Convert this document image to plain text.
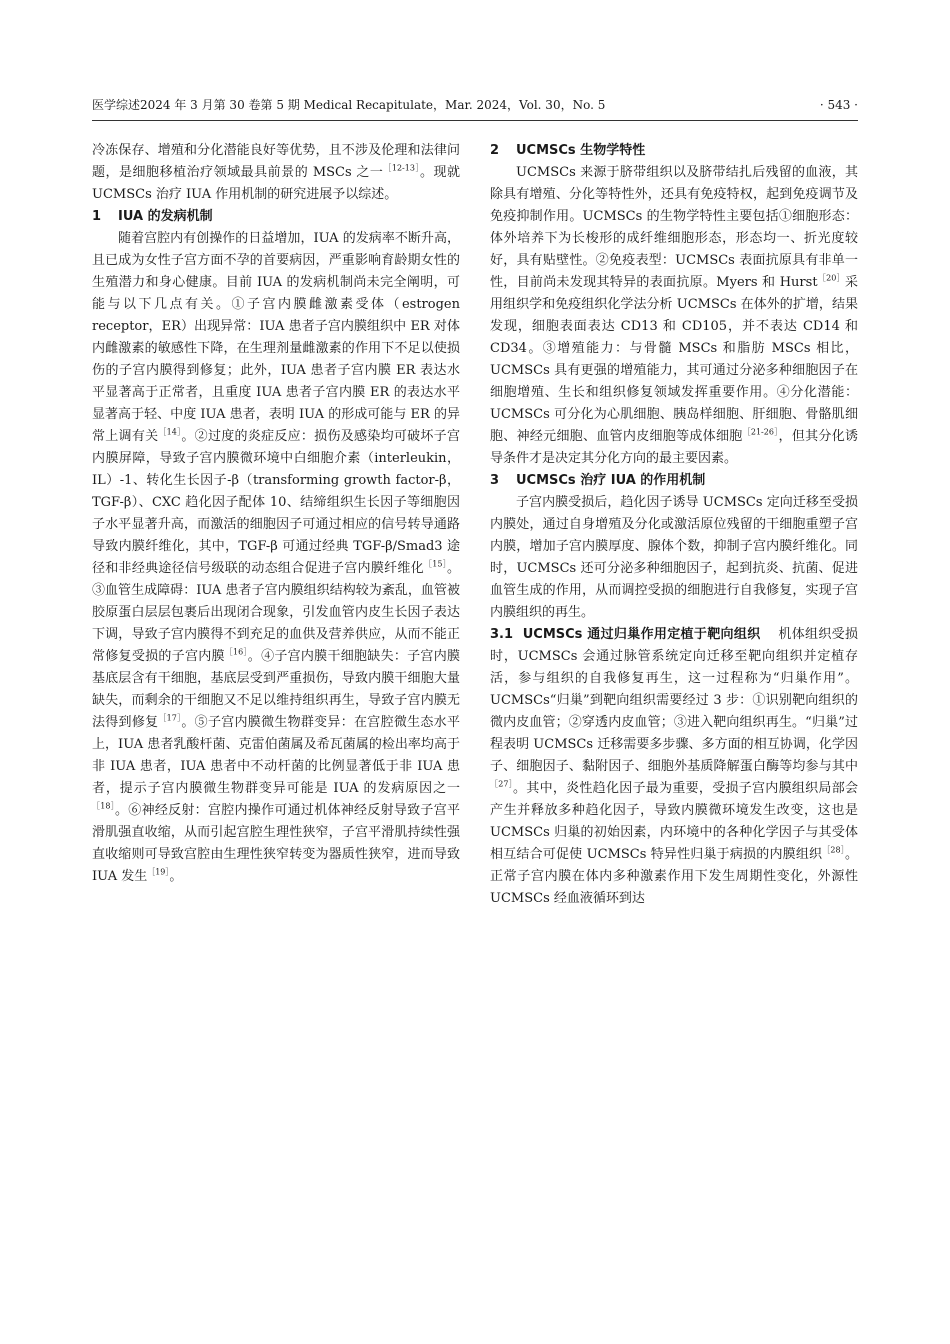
医学综述2024 年 3 月第 30 卷第 5 期 Medical Recapitulate，Mar. 2024，Vol. 30，No. 5	· 543 ·

冷冻保存、增殖和分化潜能良好等优势，且不涉及伦理和法律问题，是细胞移植治疗领域最具前景的 MSCs 之一$^{[12-13]}$。现就 UCMSCs 治疗 IUA 作用机制的研究进展予以综述。

1 IUA 的发病机制

随着宫腔内有创操作的日益增加，IUA 的发病率不断升高，且已成为女性子宫方面不孕的首要病因，严重影响育龄期女性的生殖潜力和身心健康。目前 IUA 的发病机制尚未完全阐明，可能与以下几点有关。①子宫内膜雌激素受体（estrogen receptor，ER）出现异常：IUA 患者子宫内膜组织中 ER 对体内雌激素的敏感性下降，在生理剂量雌激素的作用下不足以使损伤的子宫内膜得到修复；此外，IUA 患者子宫内膜 ER 表达水平显著高于正常者，且重度 IUA 患者子宫内膜 ER 的表达水平显著高于轻、中度 IUA 患者，表明 IUA 的形成可能与 ER 的异常上调有关$^{[14]}$。②过度的炎症反应：损伤及感染均可破坏子宫内膜屏障，导致子宫内膜微环境中白细胞介素（interleukin，IL）-1、转化生长因子-β（transforming growth factor-β，TGF-β）、CXC 趋化因子配体 10、结缔组织生长因子等细胞因子水平显著升高，而激活的细胞因子可通过相应的信号转导通路导致内膜纤维化，其中，TGF-β 可通过经典 TGF-β/Smad3 途径和非经典途径信号级联的动态组合促进子宫内膜纤维化$^{[15]}$。③血管生成障碍：IUA 患者子宫内膜组织结构较为紊乱，血管被胶原蛋白层层包裹后出现闭合现象，引发血管内皮生长因子表达下调，导致子宫内膜得不到充足的血供及营养供应，从而不能正常修复受损的子宫内膜$^{[16]}$。④子宫内膜干细胞缺失：子宫内膜基底层含有干细胞，基底层受到严重损伤，导致内膜干细胞大量缺失，而剩余的干细胞又不足以维持组织再生，导致子宫内膜无法得到修复$^{[17]}$。⑤子宫内膜微生物群变异：在宫腔微生态水平上，IUA 患者乳酸杆菌、克雷伯菌属及希瓦菌属的检出率均高于非 IUA 患者，IUA 患者中不动杆菌的比例显著低于非 IUA 患者，提示子宫内膜微生物群变异可能是 IUA 的发病原因之一$^{[18]}$。⑥神经反射：宫腔内操作可通过机体神经反射导致子宫平滑肌强直收缩，从而引起宫腔生理性狭窄，子宫平滑肌持续性强直收缩则可导致宫腔由生理性狭窄转变为器质性狭窄，进而导致 IUA 发生$^{[19]}$。

2 UCMSCs 生物学特性

UCMSCs 来源于脐带组织以及脐带结扎后残留的血液，其除具有增殖、分化等特性外，还具有免疫特权，起到免疫调节及免疫抑制作用。UCMSCs 的生物学特性主要包括①细胞形态：体外培养下为长梭形的成纤维细胞形态，形态均一、折光度较好，具有贴壁性。②免疫表型：UCMSCs 表面抗原具有非单一性，目前尚未发现其特异的表面抗原。Myers 和 Hurst$^{[20]}$采用组织学和免疫组织化学法分析 UCMSCs 在体外的扩增，结果发现，细胞表面表达 CD13 和 CD105，并不表达 CD14 和 CD34。③增殖能力：与骨髓 MSCs 和脂肪 MSCs 相比，UCMSCs 具有更强的增殖能力，其可通过分泌多种细胞因子在细胞增殖、生长和组织修复领域发挥重要作用。④分化潜能：UCMSCs 可分化为心肌细胞、胰岛样细胞、肝细胞、骨骼肌细胞、神经元细胞、血管内皮细胞等成体细胞$^{[21-26]}$，但其分化诱导条件才是决定其分化方向的最主要因素。

3 UCMSCs 治疗 IUA 的作用机制

子宫内膜受损后，趋化因子诱导 UCMSCs 定向迁移至受损内膜处，通过自身增殖及分化或激活原位残留的干细胞重塑子宫内膜，增加子宫内膜厚度、腺体个数，抑制子宫内膜纤维化。同时，UCMSCs 还可分泌多种细胞因子，起到抗炎、抗菌、促进血管生成的作用，从而调控受损的细胞进行自我修复，实现子宫内膜组织的再生。

3.1 UCMSCs 通过归巢作用定植于靶向组织 机体组织受损时，UCMSCs 会通过脉管系统定向迁移至靶向组织并定植存活，参与组织的自我修复再生，这一过程称为“归巢作用”。UCMSCs“归巢”到靶向组织需要经过 3 步：①识别靶向组织的微内皮血管；②穿透内皮血管；③进入靶向组织再生。“归巢”过程表明 UCMSCs 迁移需要多步骤、多方面的相互协调，化学因子、细胞因子、黏附因子、细胞外基质降解蛋白酶等均参与其中$^{[27]}$。其中，炎性趋化因子最为重要，受损子宫内膜组织局部会产生并释放多种趋化因子，导致内膜微环境发生改变，这也是 UCMSCs 归巢的初始因素，内环境中的各种化学因子与其受体相互结合可促使 UCMSCs 特异性归巢于病损的内膜组织$^{[28]}$。正常子宫内膜在体内多种激素作用下发生周期性变化，外源性 UCMSCs 经血液循环到达
